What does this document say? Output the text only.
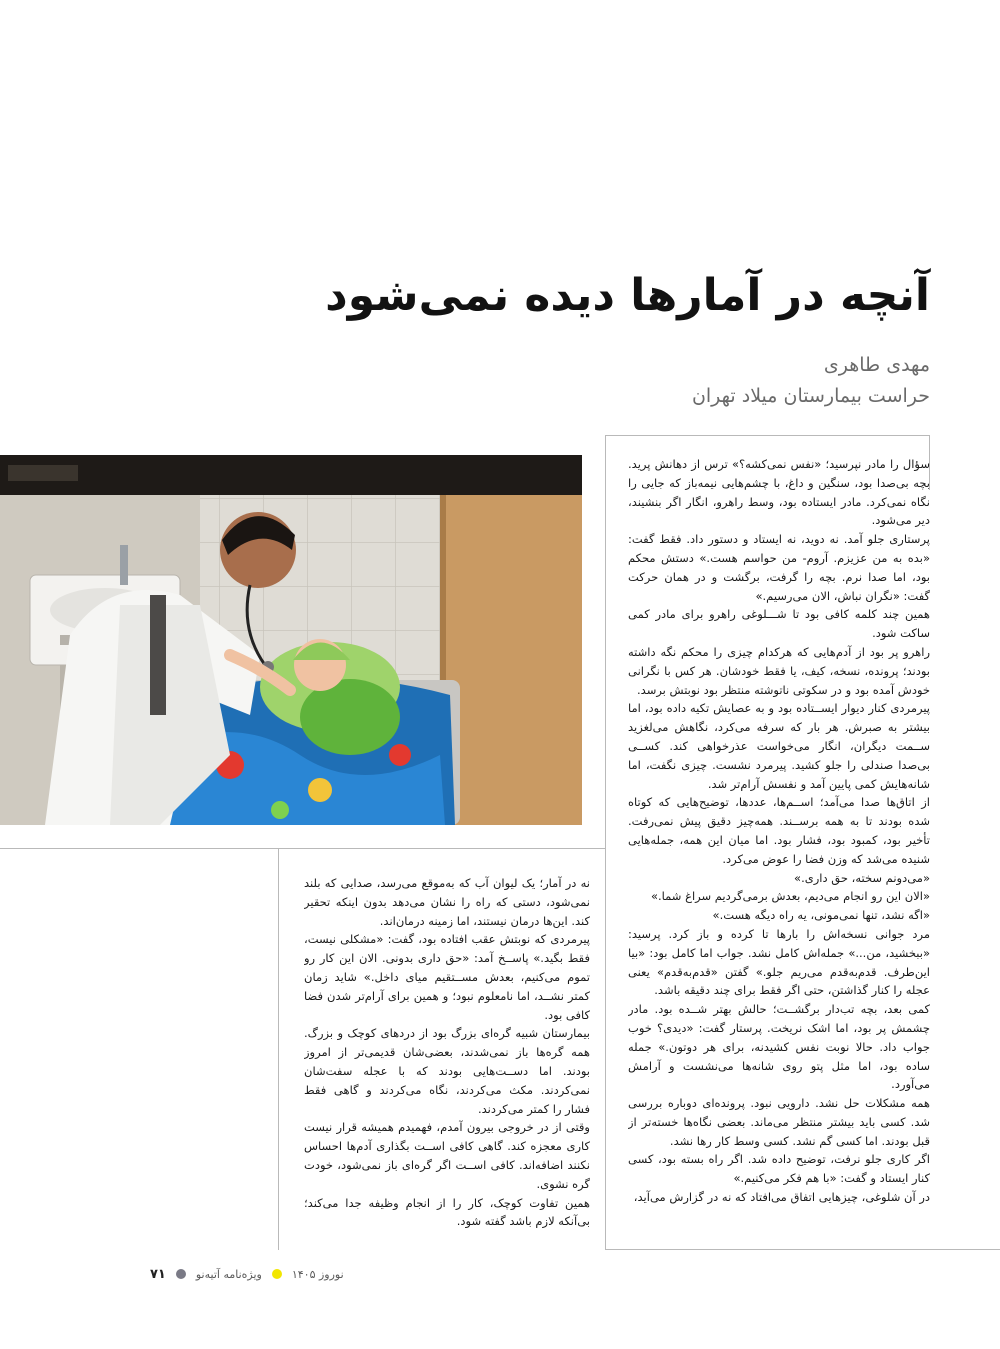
آنچه در آمارها دیده نمی‌شود
مهدی طاهری
حراست بیمارستان میلاد تهران

سؤال را مادر نپرسید؛ «نفس نمی‌کشه؟» ترس از دهانش پرید. بچه بی‌صدا بود، سنگین و داغ، با چشم‌هایی نیمه‌باز که جایی را نگاه نمی‌کرد. مادر ایستاده بود، وسط راهرو، انگار اگر بنشیند، دیر می‌شود.

پرستاری جلو آمد. نه دوید، نه ایستاد و دستور داد. فقط گفت: «بده به من عزیزم. آروم- من حواسم هست.» دستش محکم بود، اما صدا نرم. بچه را گرفت، برگشت و در همان حرکت گفت: «نگران نباش، الان می‌رسیم.»

همین چند کلمه کافی بود تا شـــلوغی راهرو برای مادر کمی ساکت شود.

راهرو پر بود از آدم‌هایی که هرکدام چیزی را محکم نگه داشته بودند؛ پرونده، نسخه، کیف، یا فقط خودشان. هر کس با نگرانی خودش آمده بود و در سکوتی ناتوشته منتظر بود نوبتش برسد.

پیرمردی کنار دیوار ایســتاده بود و به عصایش تکیه داده بود، اما بیشتر به صبرش. هر بار که سرفه می‌کرد، نگاهش می‌لغزید ســمت دیگران، انگار می‌خواست عذرخواهی کند. کســی بی‌صدا صندلی را جلو کشید. پیرمرد نشست. چیزی نگفت، اما شانه‌هایش کمی پایین آمد و نفسش آرام‌تر شد.

از اتاق‌ها صدا می‌آمد؛ اســم‌ها، عددها، توضیح‌هایی که کوتاه شده بودند تا به همه برســند. همه‌چیز دقیق پیش نمی‌رفت. تأخیر بود، کمبود بود، فشار بود. اما میان این همه، جمله‌هایی شنیده می‌شد که وزن فضا را عوض می‌کرد.

«می‌دونم سخته، حق داری.»

«الان این رو انجام می‌دیم، بعدش برمی‌گردیم سراغ شما.»

«اگه نشد، تنها نمی‌مونی، یه راه دیگه هست.»

مرد جوانی نسخه‌اش را بارها تا کرده و باز کرد. پرسید: «ببخشید، من...» جمله‌اش کامل نشد. جواب اما کامل بود: «بیا این‌طرف. قدم‌به‌قدم می‌ریم جلو.» گفتن «قدم‌به‌قدم» یعنی عجله را کنار گذاشتن، حتی اگر فقط برای چند دقیقه باشد.

کمی بعد، بچه تب‌دار برگشــت؛ حالش بهتر شــده بود. مادر چشمش پر بود، اما اشک نریخت. پرستار گفت: «دیدی؟ خوب جواب داد. حالا نوبت نفس کشیدنه، برای هر دوتون.» جمله ساده بود، اما مثل پتو روی شانه‌ها می‌نشست و آرامش می‌آورد.

همه مشکلات حل نشد. دارویی نبود. پرونده‌ای دوباره بررسی شد. کسی باید بیشتر منتظر می‌ماند. بعضی نگاه‌ها خسته‌تر از قبل بودند. اما کسی گم نشد. کسی وسط کار رها نشد.

اگر کاری جلو نرفت، توضیح داده شد. اگر راه بسته بود، کسی کنار ایستاد و گفت: «با هم فکر می‌کنیم.»

در آن شلوغی، چیزهایی اتفاق می‌افتاد که نه در گزارش می‌آید،

نه در آمار؛ یک لیوان آب که به‌موقع می‌رسد، صدایی که بلند نمی‌شود، دستی که راه را نشان می‌دهد بدون اینکه تحقیر کند. این‌ها درمان نیستند، اما زمینه درمان‌اند.

پیرمردی که نوبتش عقب افتاده بود، گفت: «مشکلی نیست، فقط بگید.» پاســخ آمد: «حق داری بدونی. الان این کار رو تموم می‌کنیم، بعدش مســتقیم میای داخل.» شاید زمان کمتر نشــد، اما نامعلوم نبود؛ و همین برای آرام‌تر شدن فضا کافی بود.

بیمارستان شبیه گره‌ای بزرگ بود از دردهای کوچک و بزرگ. همه گره‌ها باز نمی‌شدند، بعضی‌شان قدیمی‌تر از امروز بودند. اما دســت‌هایی بودند که با عجله سفت‌شان نمی‌کردند. مکث می‌کردند، نگاه می‌کردند و گاهی فقط فشار را کمتر می‌کردند.

وقتی از در خروجی بیرون آمدم، فهمیدم همیشه قرار نیست کاری معجزه کند. گاهی کافی اســت بگذاری آدم‌ها احساس نکنند اضافه‌اند. کافی اســت اگر گره‌ای باز نمی‌شود، خودت گره نشوی.

همین تفاوت کوچک، کار را از انجام وظیفه جدا می‌کند؛ بی‌آنکه لازم باشد گفته شود.

نوروز ۱۴۰۵
ویژه‌نامه آتیه‌نو
۷۱
